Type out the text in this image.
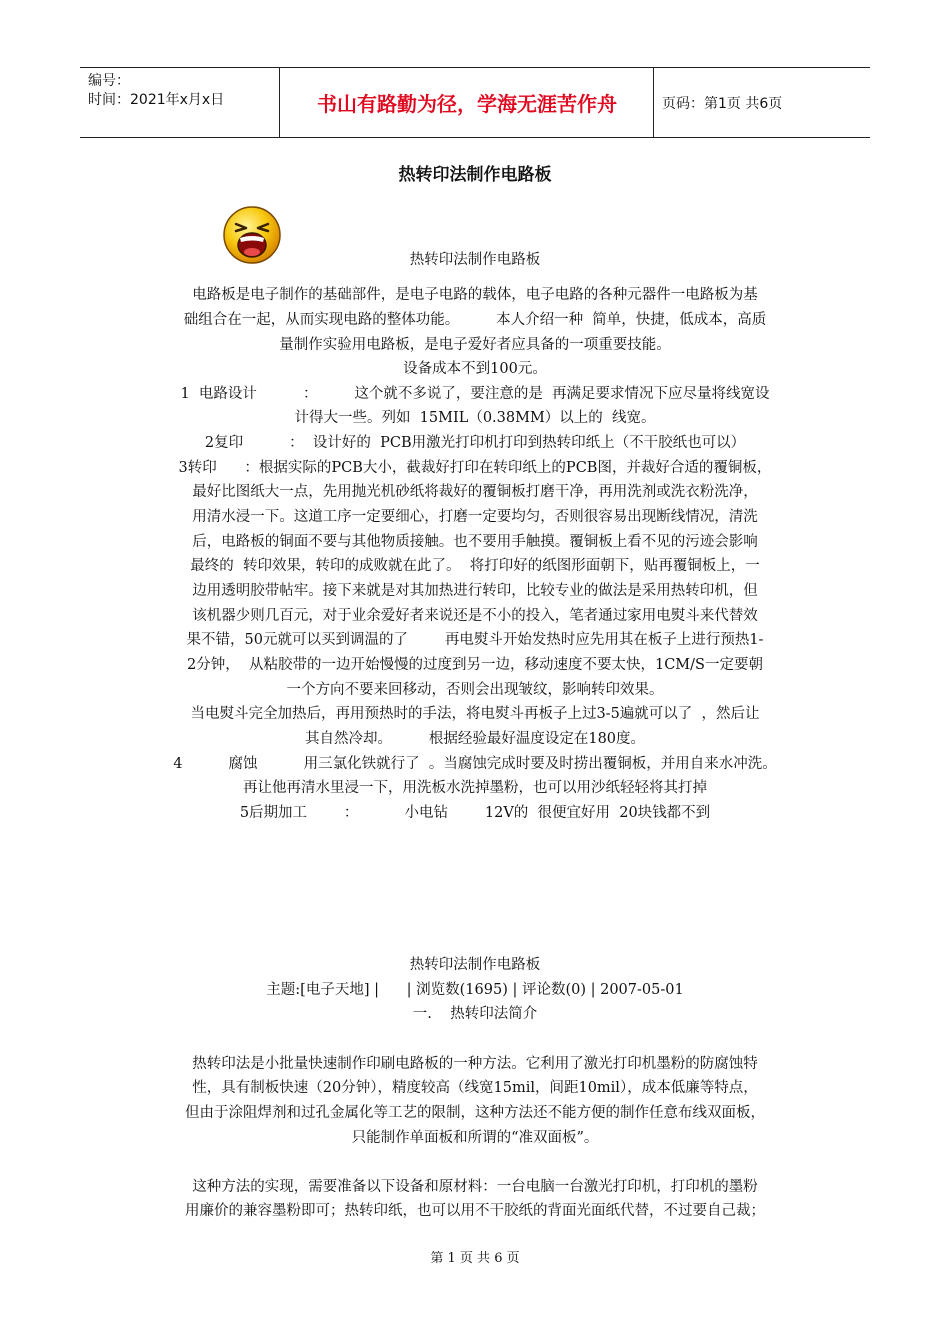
编号：
时间：2021年x月x日	书山有路勤为径，学海无涯苦作舟	页码：第1页 共6页
热转印法制作电路板
热转印法制作电路板
电路板是电子制作的基础部件，是电子电路的载体，电子电路的各种元器件一电路板为基
础组合在一起，从而实现电路的整体功能。        本人介绍一种  简单，快捷，低成本，高质
量制作实验用电路板，是电子爱好者应具备的一项重要技能。
设备成本不到100元。
1  电路设计          ：        这个就不多说了，要注意的是  再满足要求情况下应尽量将线宽设
计得大一些。列如  15MIL（0.38MM）以上的  线宽。
2复印          ：  设计好的  PCB用激光打印机打印到热转印纸上（不干胶纸也可以）
3转印      ：根据实际的PCB大小，截裁好打印在转印纸上的PCB图，并裁好合适的覆铜板，
最好比图纸大一点，先用抛光机砂纸将裁好的覆铜板打磨干净，再用洗剂或洗衣粉洗净，
用清水浸一下。这道工序一定要细心，打磨一定要均匀，否则很容易出现断线情况，清洗
后，电路板的铜面不要与其他物质接触。也不要用手触摸。覆铜板上看不见的污迹会影响
最终的  转印效果，转印的成败就在此了。  将打印好的纸图形面朝下，贴再覆铜板上，一
边用透明胶带帖牢。接下来就是对其加热进行转印，比较专业的做法是采用热转印机，但
该机器少则几百元，对于业余爱好者来说还是不小的投入，笔者通过家用电熨斗来代替效
果不错，50元就可以买到调温的了        再电熨斗开始发热时应先用其在板子上进行预热1-
2分钟，  从粘胶带的一边开始慢慢的过度到另一边，移动速度不要太快，1CM/S一定要朝
一个方向不要来回移动，否则会出现皱纹，影响转印效果。
当电熨斗完全加热后，再用预热时的手法，将电熨斗再板子上过3-5遍就可以了  ，然后让
其自然冷却。        根据经验最好温度设定在180度。
4          腐蚀          用三氯化铁就行了  。当腐蚀完成时要及时捞出覆铜板，并用自来水冲洗。
再让他再清水里浸一下，用洗板水洗掉墨粉，也可以用沙纸轻轻将其打掉
5后期加工        ：          小电钻        12V的  很便宜好用  20块钱都不到
热转印法制作电路板
主题:[电子天地] |      | 浏览数(1695) | 评论数(0) | 2007-05-01
一.    热转印法简介
热转印法是小批量快速制作印刷电路板的一种方法。它利用了激光打印机墨粉的防腐蚀特
性，具有制板快速（20分钟），精度较高（线宽15mil，间距10mil），成本低廉等特点，
但由于涂阻焊剂和过孔金属化等工艺的限制，这种方法还不能方便的制作任意布线双面板，
只能制作单面板和所谓的“准双面板”。
这种方法的实现，需要准备以下设备和原材料：一台电脑一台激光打印机，打印机的墨粉
用廉价的兼容墨粉即可；热转印纸，也可以用不干胶纸的背面光面纸代替，不过要自己裁；
第 1 页 共 6 页
